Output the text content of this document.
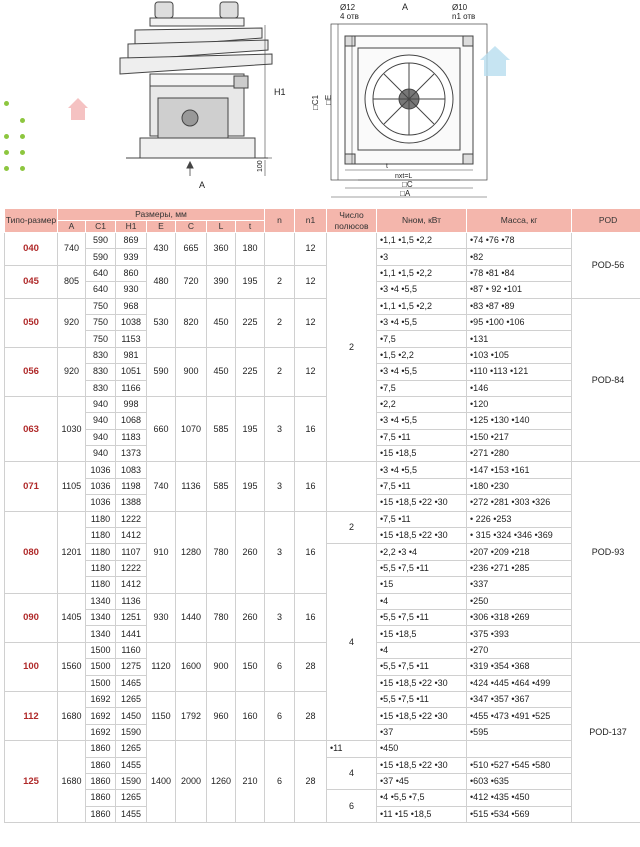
H1
100
A
Ø12
4 отв
A	Ø10
n1 отв
□C1 □E
t
nxt=L
□C
□A
Типо-размер	Размеры, мм							n	n1	Число полюсов	Nном, кВт	Масса, кг	POD
	A	C1	H1	E	C	L	t						
040	740	590	869	430	665	360	180		12	2	•1,1 •1,5 •2,2	•74 •76 •78	POD-56
		590	939								•3	•82	
045	805	640	860	480	720	390	195	2	12		•1,1 •1,5 •2,2	•78 •81 •84	
		640	930								•3 •4 •5,5	•87 • 92 •101	
050	920	750	968	530	820	450	225	2	12		•1,1 •1,5 •2,2	•83 •87 •89	POD-84
		750	1038								•3 •4 •5,5	•95 •100 •106	
		750	1153								•7,5	•131	
056	920	830	981	590	900	450	225	2	12		•1,5 •2,2	•103 •105	
		830	1051								•3 •4 •5,5	•110 •113 •121	
		830	1166								•7,5	•146	
063	1030	940	998	660	1070	585	195	3	16		•2,2	•120	
		940	1068								•3 •4 •5,5	•125 •130 •140	
		940	1183								•7,5 •11	•150 •217	
		940	1373								•15 •18,5	•271 •280	
071	1105	1036	1083	740	1136	585	195	3	16		•3 •4 •5,5	•147 •153 •161	POD-93
		1036	1198								•7,5 •11	•180 •230	
		1036	1388								•15 •18,5 •22 •30	•272 •281 •303 •326	
080	1201	1180	1222	910	1280	780	260	3	16	2	•7,5 •11	• 226 •253	
		1180	1412								•15 •18,5 •22 •30	• 315 •324 •346 •369	
		1180	1107							4	•2,2 •3 •4	•207 •209 •218	
		1180	1222								•5,5 •7,5 •11	•236 •271 •285	
		1180	1412								•15	•337	
090	1405	1340	1136	930	1440	780	260	3	16		•4	•250	
		1340	1251								•5,5 •7,5 •11	•306 •318 •269	
		1340	1441								•15 •18,5	•375 •393	
100	1560	1500	1160	1120	1600	900	150	6	28		•4	•270	POD-137
		1500	1275								•5,5 •7,5 •11	•319 •354 •368	
		1500	1465								•15 •18,5 •22 •30	•424 •445 •464 •499	
112	1680	1692	1265	1150	1792	960	160	6	28		•5,5 •7,5 •11	•347 •357 •367	
		1692	1450								•15 •18,5 •22 •30	•455 •473 •491 •525	
		1692	1590								•37	•595	
125	1680	1860	1265	1400	2000	1260	210	6	28	•11	•450		
		1860	1455							4	•15 •18,5 •22 •30	•510 •527 •545 •580	
		1860	1590								•37 •45	•603 •635	
		1860	1265							6	•4 •5,5 •7,5	•412 •435 •450	
		1860	1455								•11 •15 •18,5	•515 •534 •569	
